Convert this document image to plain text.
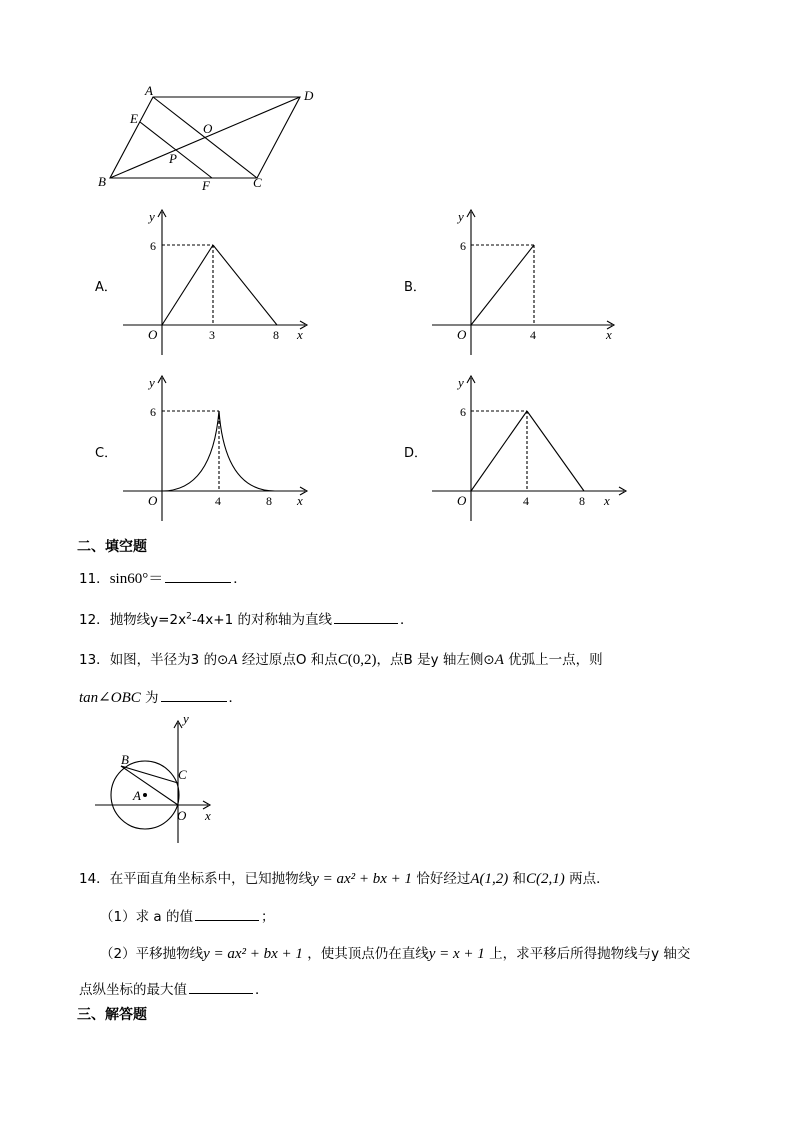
A	D
E
O
P
B	F	C
A．
y
6
O	3	8 x
B．
y
6
O	4	x
C．
y
6
O	4	8 x
D．
y
6
O	4	8 x
二、填空题
11．sin60°＝	．
12．抛物线$y=2x^2-4x+1$ 的对称轴为直线	．
13．如图，半径为3 的⊙A 经过原点O 和点C(0,2)，点B 是y 轴左侧⊙A 优弧上一点，则
tan∠OBC 为	．
y
B
C
A
O x
14．在平面直角坐标系中，已知抛物线y = ax² + bx + 1 恰好经过A(1,2) 和C(2,1) 两点．
（1）求 a 的值	；
（2）平移抛物线y = ax² + bx + 1 ，使其顶点仍在直线y = x + 1 上，求平移后所得抛物线与y 轴交
点纵坐标的最大值	．
三、解答题
